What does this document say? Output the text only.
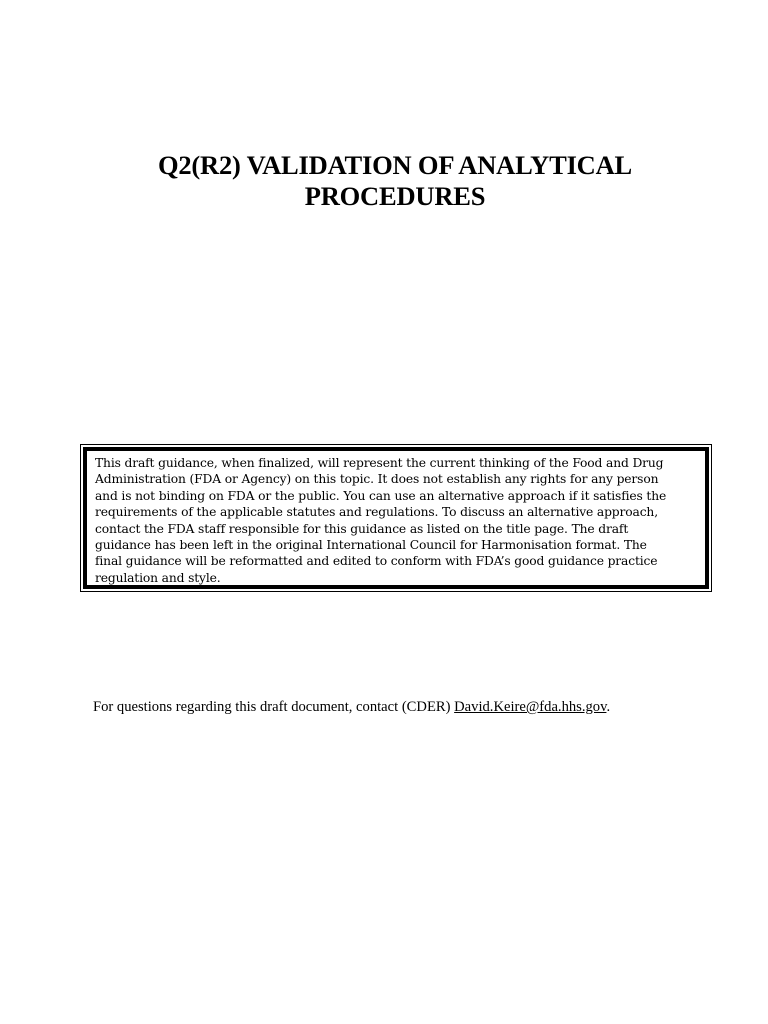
Q2(R2) VALIDATION OF ANALYTICAL
PROCEDURES

This draft guidance, when finalized, will represent the current thinking of the Food and Drug
Administration (FDA or Agency) on this topic. It does not establish any rights for any person
and is not binding on FDA or the public. You can use an alternative approach if it satisfies the
requirements of the applicable statutes and regulations. To discuss an alternative approach,
contact the FDA staff responsible for this guidance as listed on the title page. The draft
guidance has been left in the original International Council for Harmonisation format. The
final guidance will be reformatted and edited to conform with FDA’s good guidance practice
regulation and style.

For questions regarding this draft document, contact (CDER) David.Keire@fda.hhs.gov.
